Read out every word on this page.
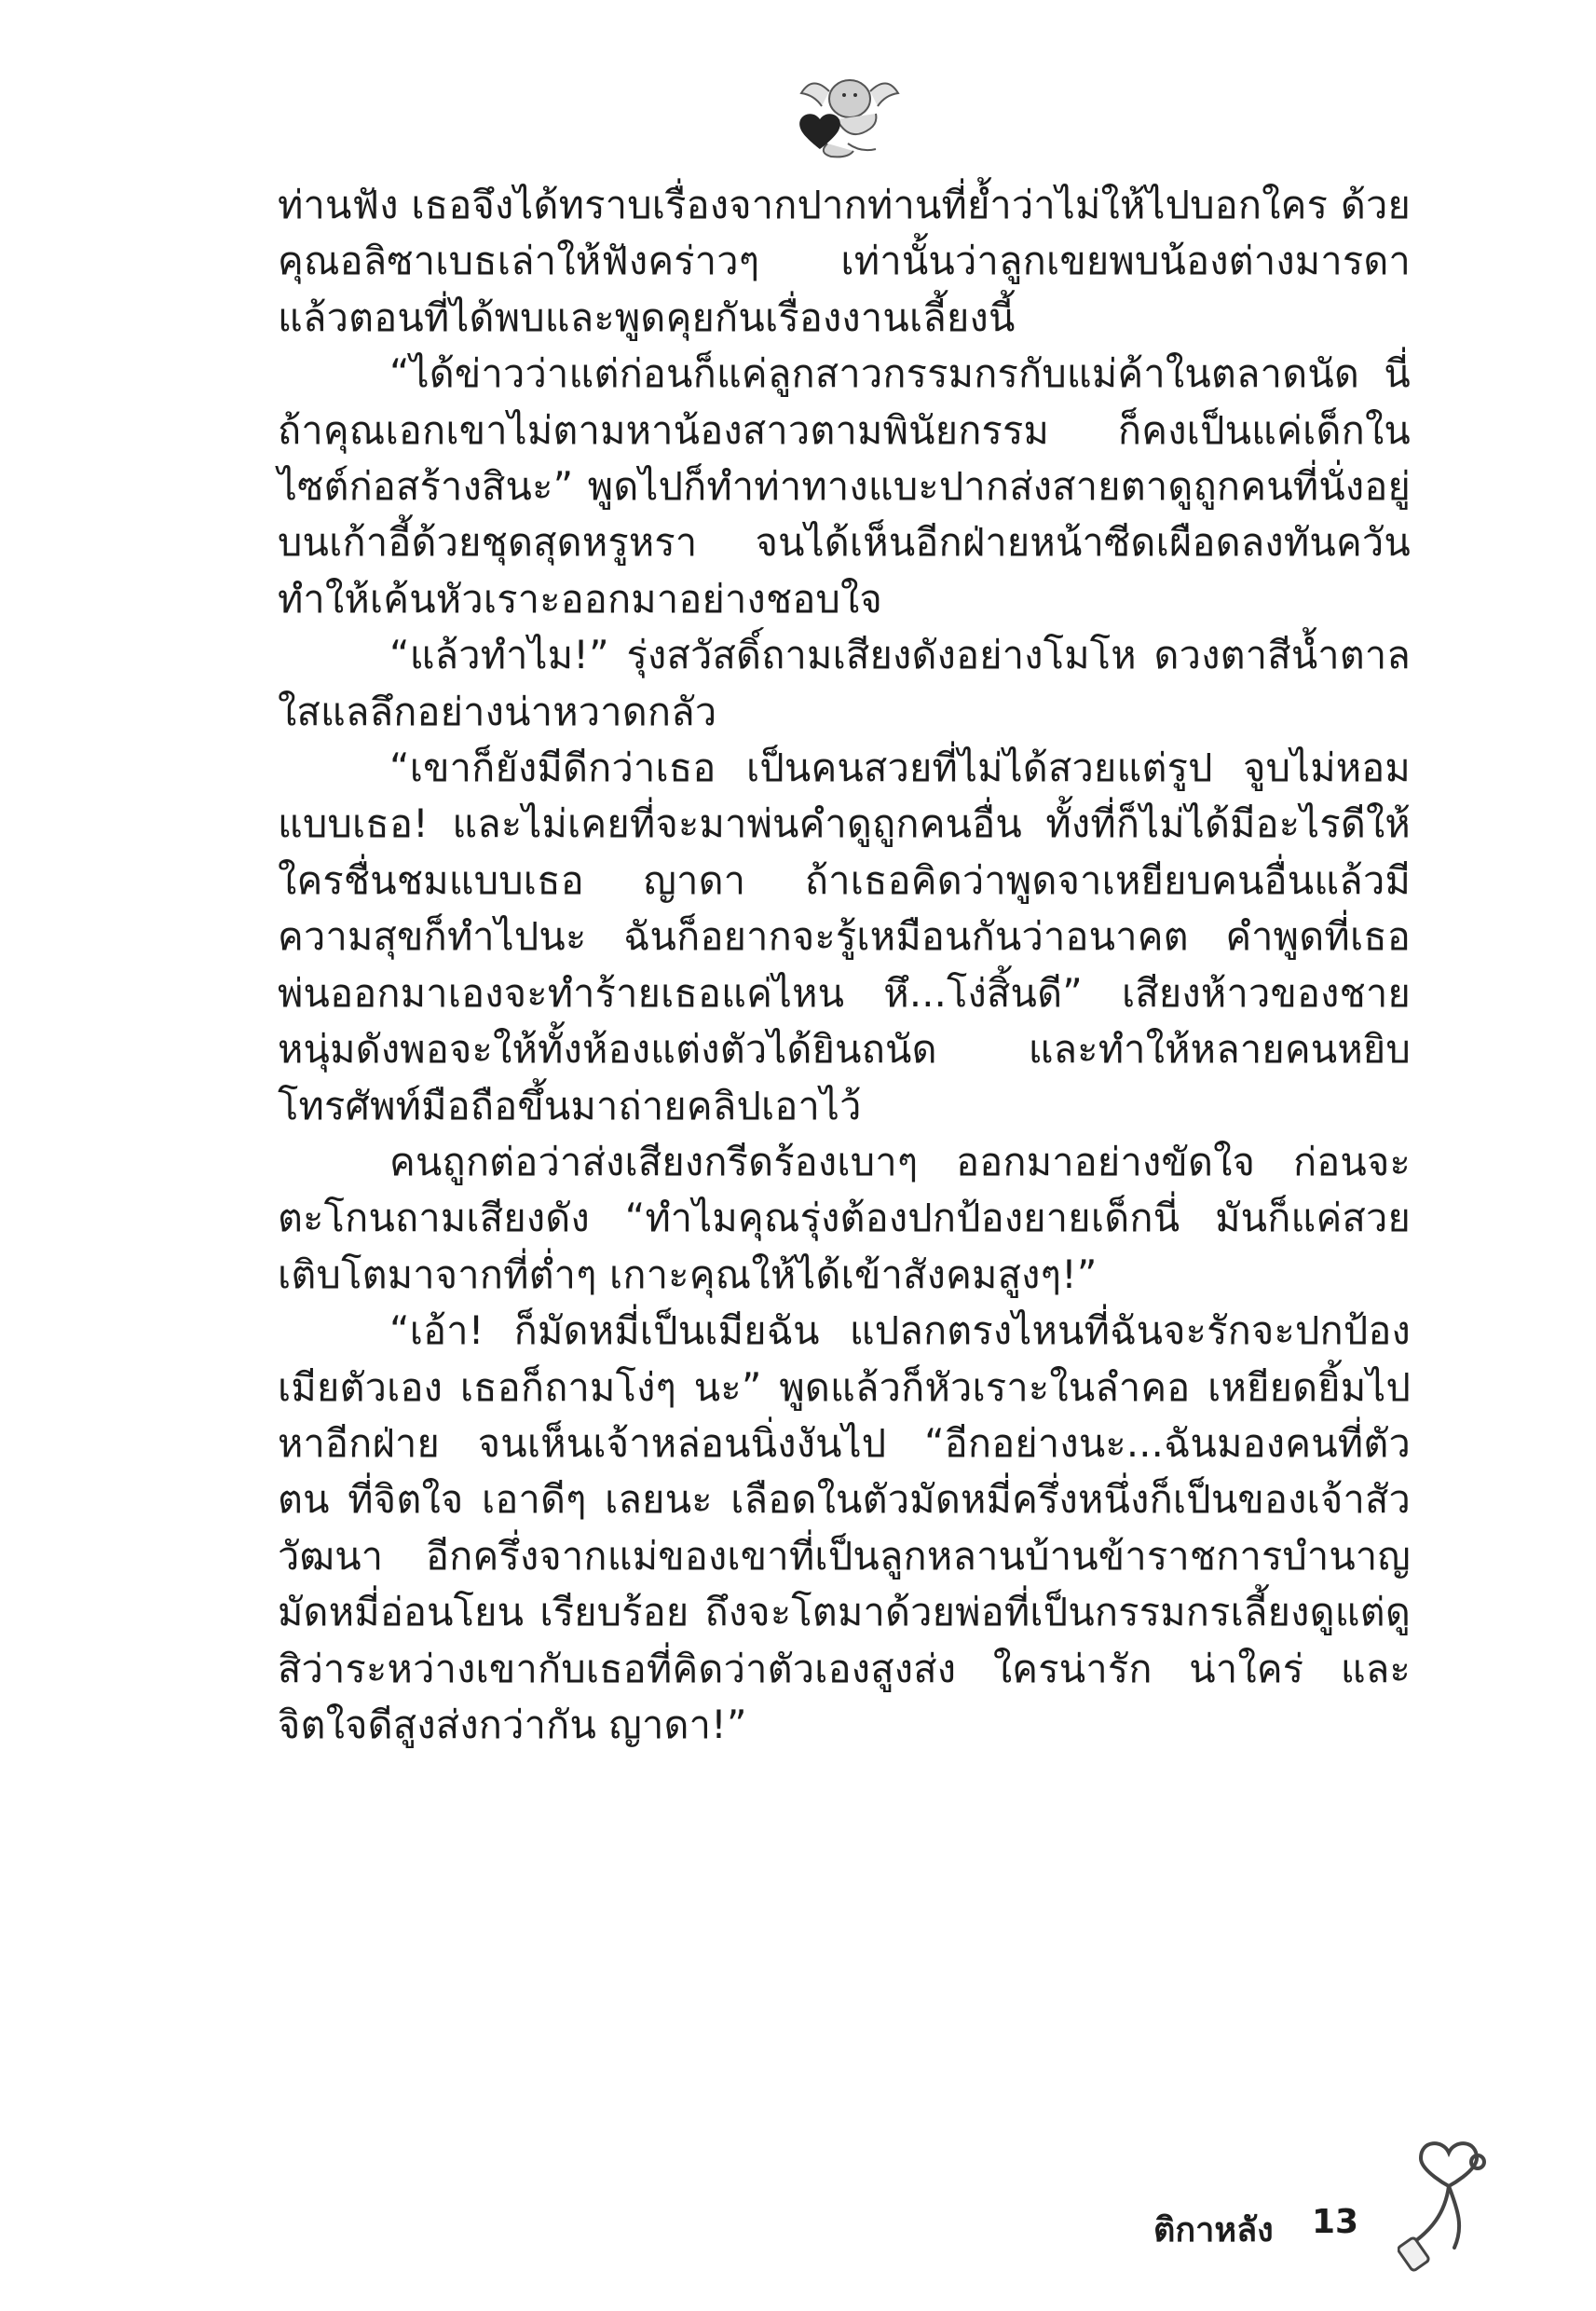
ท่านฟัง เธอจึงได้ทราบเรื่องจากปากท่านที่ย้ำว่าไม่ให้ไปบอกใคร ด้วยคุณอลิซาเบธเล่าให้ฟังคร่าวๆ เท่านั้นว่าลูกเขยพบน้องต่างมารดาแล้วตอนที่ได้พบและพูดคุยกันเรื่องงานเลี้ยงนี้

“ได้ข่าวว่าแต่ก่อนก็แค่ลูกสาวกรรมกรกับแม่ค้าในตลาดนัด นี่ถ้าคุณเอกเขาไม่ตามหาน้องสาวตามพินัยกรรม ก็คงเป็นแค่เด็กในไซต์ก่อสร้างสินะ” พูดไปก็ทำท่าทางแบะปากส่งสายตาดูถูกคนที่นั่งอยู่บนเก้าอี้ด้วยชุดสุดหรูหรา จนได้เห็นอีกฝ่ายหน้าซีดเผือดลงทันควันทำให้เค้นหัวเราะออกมาอย่างชอบใจ

“แล้วทำไม!” รุ่งสวัสดิ์ถามเสียงดังอย่างโมโห ดวงตาสีน้ำตาลใสแลลึกอย่างน่าหวาดกลัว

“เขาก็ยังมีดีกว่าเธอ เป็นคนสวยที่ไม่ได้สวยแต่รูป จูบไม่หอมแบบเธอ! และไม่เคยที่จะมาพ่นคำดูถูกคนอื่น ทั้งที่ก็ไม่ได้มีอะไรดีให้ใครชื่นชมแบบเธอ ญาดา ถ้าเธอคิดว่าพูดจาเหยียบคนอื่นแล้วมีความสุขก็ทำไปนะ ฉันก็อยากจะรู้เหมือนกันว่าอนาคต คำพูดที่เธอพ่นออกมาเองจะทำร้ายเธอแค่ไหน หึ...โง่สิ้นดี” เสียงห้าวของชายหนุ่มดังพอจะให้ทั้งห้องแต่งตัวได้ยินถนัด และทำให้หลายคนหยิบโทรศัพท์มือถือขึ้นมาถ่ายคลิปเอาไว้

คนถูกต่อว่าส่งเสียงกรีดร้องเบาๆ ออกมาอย่างขัดใจ ก่อนจะตะโกนถามเสียงดัง “ทำไมคุณรุ่งต้องปกป้องยายเด็กนี่ มันก็แค่สวยเติบโตมาจากที่ต่ำๆ เกาะคุณให้ได้เข้าสังคมสูงๆ!”

“เอ้า! ก็มัดหมี่เป็นเมียฉัน แปลกตรงไหนที่ฉันจะรักจะปกป้องเมียตัวเอง เธอก็ถามโง่ๆ นะ” พูดแล้วก็หัวเราะในลำคอ เหยียดยิ้มไปหาอีกฝ่าย จนเห็นเจ้าหล่อนนิ่งงันไป “อีกอย่างนะ...ฉันมองคนที่ตัวตน ที่จิตใจ เอาดีๆ เลยนะ เลือดในตัวมัดหมี่ครึ่งหนึ่งก็เป็นของเจ้าสัววัฒนา อีกครึ่งจากแม่ของเขาที่เป็นลูกหลานบ้านข้าราชการบำนาญมัดหมี่อ่อนโยน เรียบร้อย ถึงจะโตมาด้วยพ่อที่เป็นกรรมกรเลี้ยงดูแต่ดูสิว่าระหว่างเขากับเธอที่คิดว่าตัวเองสูงส่ง ใครน่ารัก น่าใคร่ และจิตใจดีสูงส่งกว่ากัน ญาดา!”

ติกาหลัง 13
